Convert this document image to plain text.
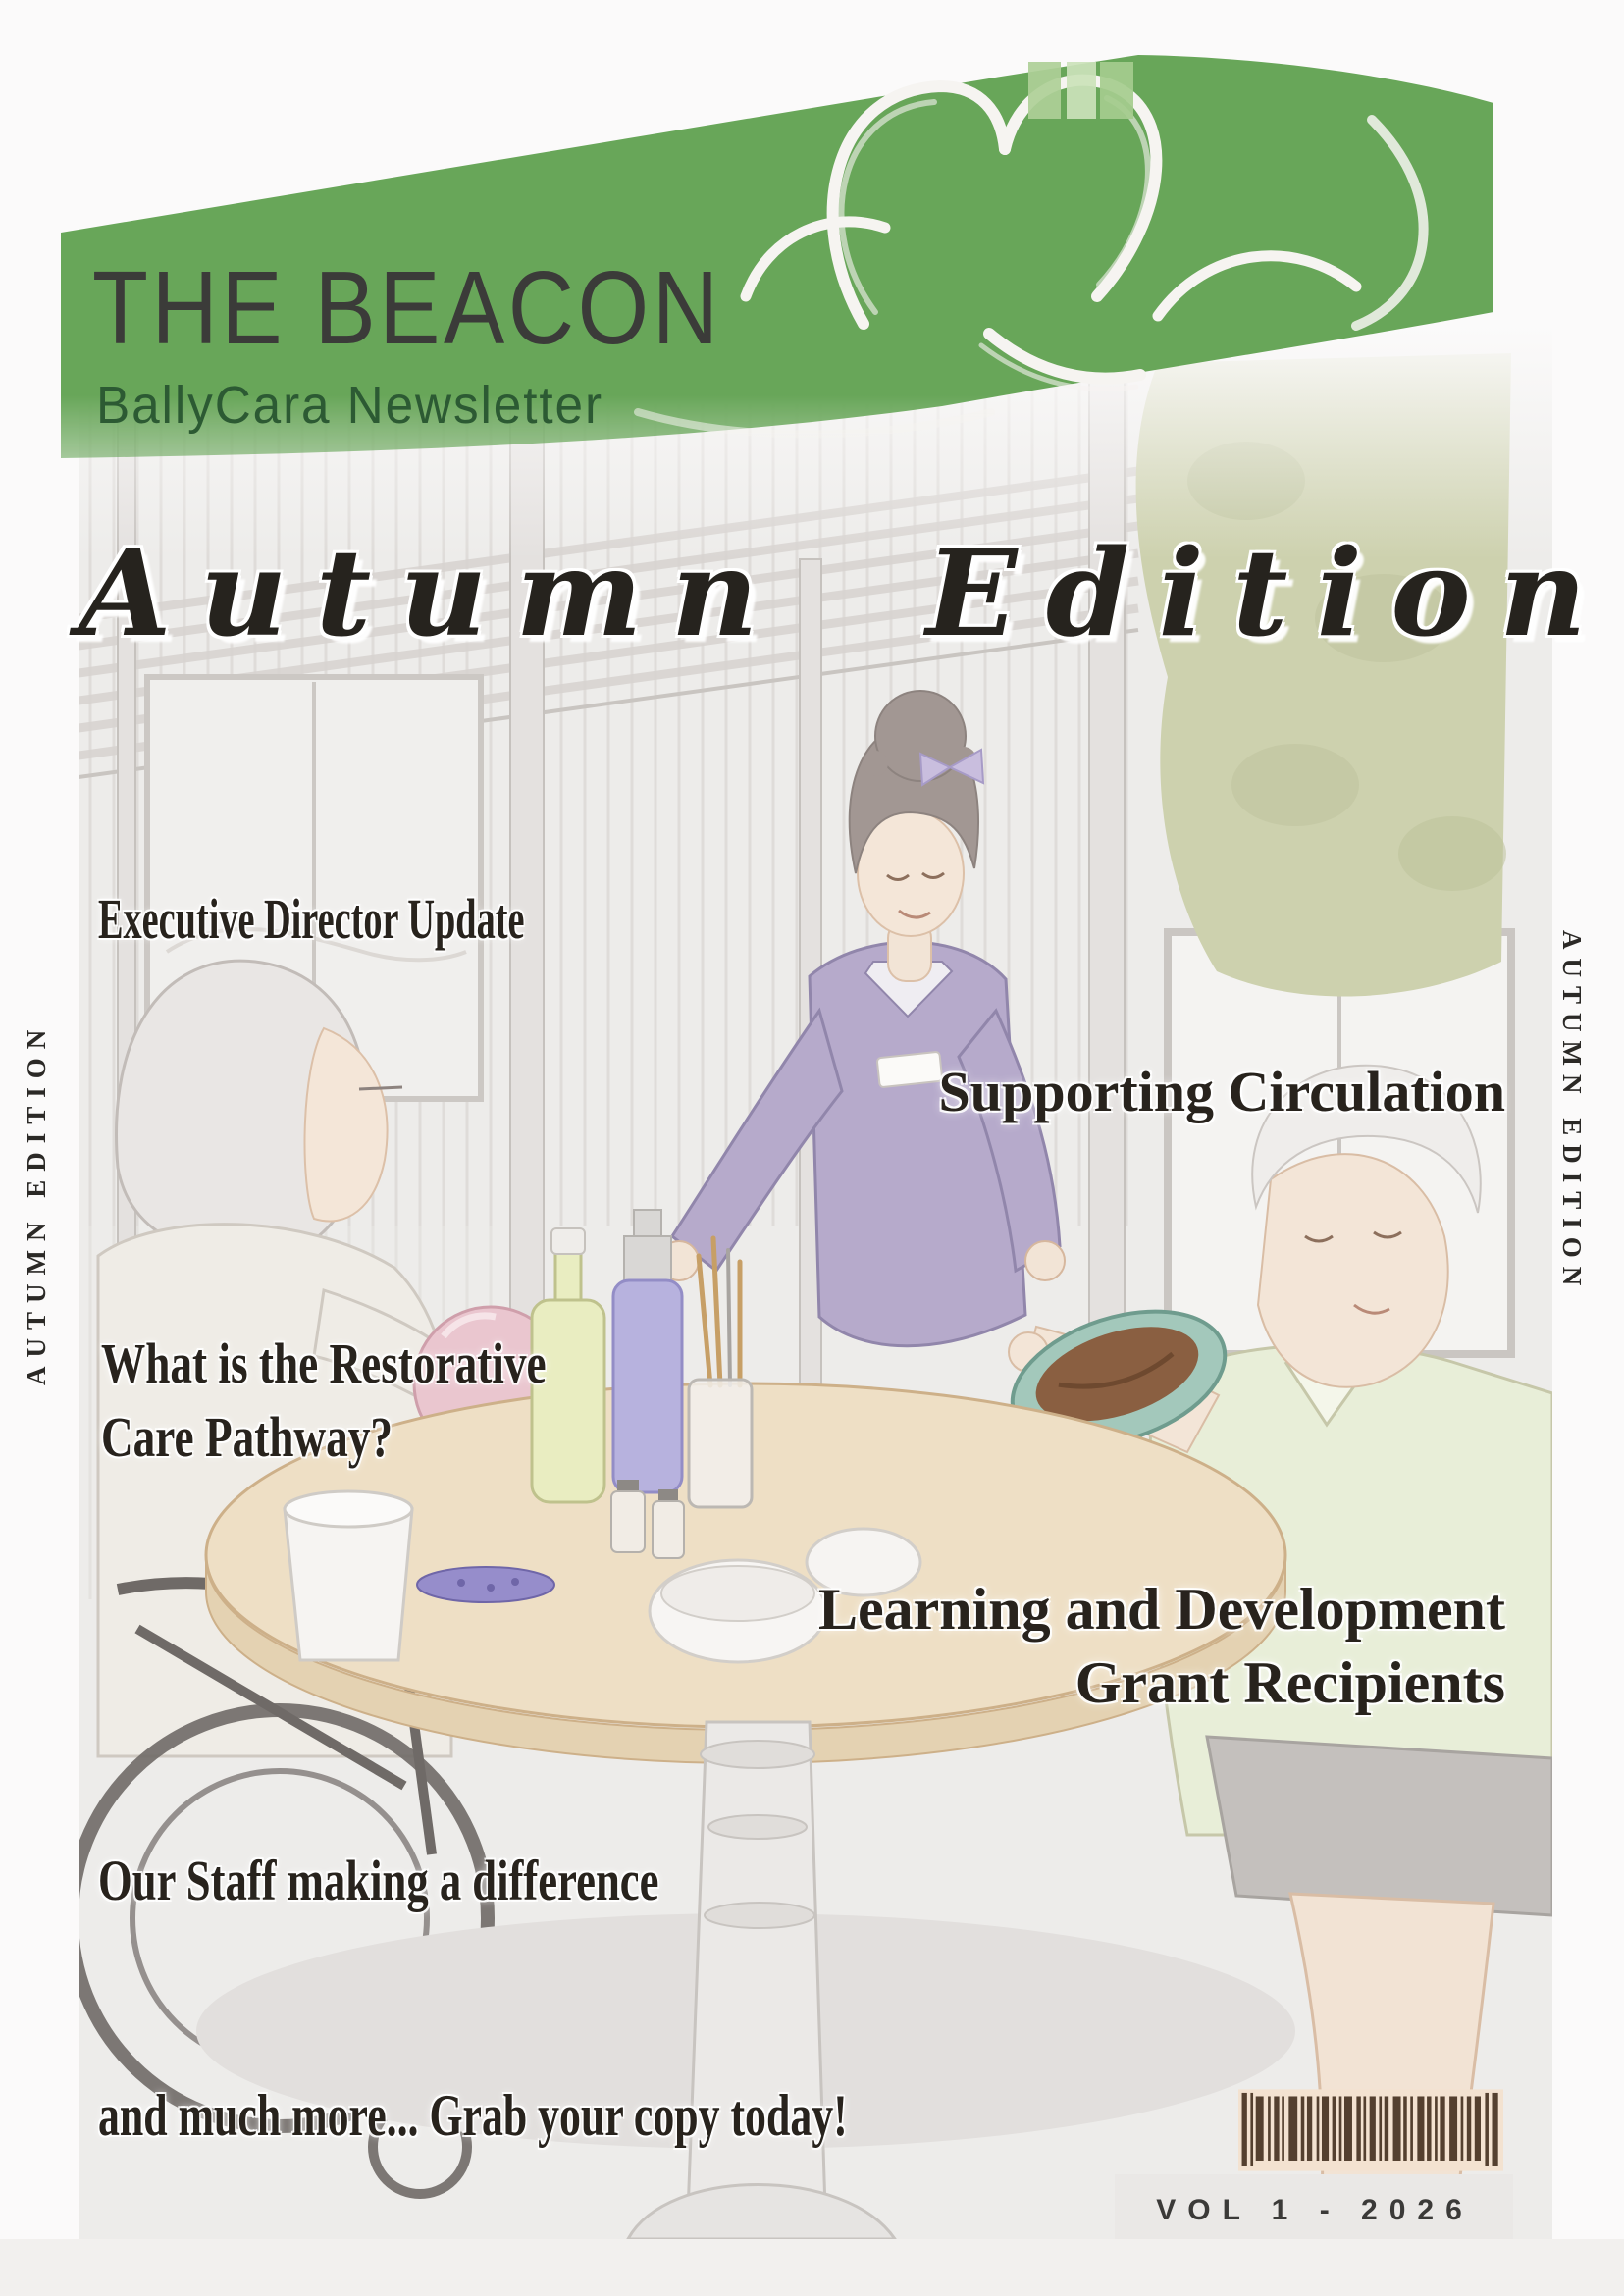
THE BEACON
BallyCara Newsletter
Autumn Edition
Executive Director Update
Supporting Circulation
What is the Restorative Care Pathway?
Learning and Development Grant Recipients
Our Staff making a difference
and much more... Grab your copy today!
AUTUMN EDITION	AUTUMN EDITION
VOL 1 - 2026
